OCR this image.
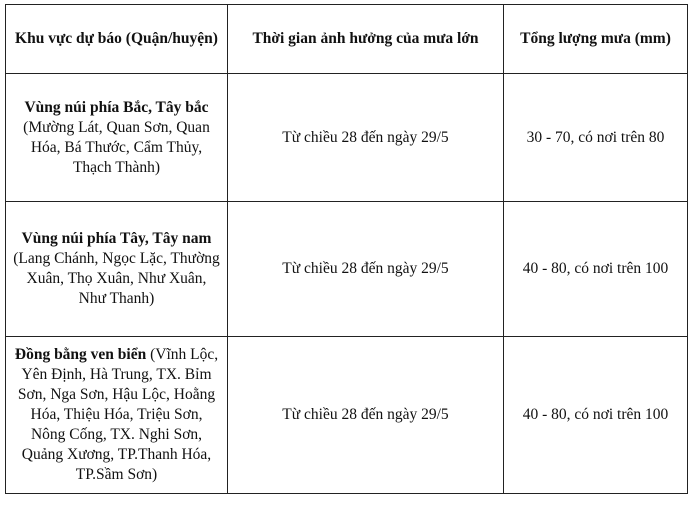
Khu vực dự báo (Quận/huyện)	Thời gian ảnh hưởng của mưa lớn	Tổng lượng mưa (mm)
Vùng núi phía Bắc, Tây bắc (Mường Lát, Quan Sơn, Quan Hóa, Bá Thước, Cẩm Thủy, Thạch Thành)	Từ chiều 28 đến ngày 29/5	30 - 70, có nơi trên 80
Vùng núi phía Tây, Tây nam (Lang Chánh, Ngọc Lặc, Thường Xuân, Thọ Xuân, Như Xuân, Như Thanh)	Từ chiều 28 đến ngày 29/5	40 - 80, có nơi trên 100
Đồng bằng ven biển (Vĩnh Lộc, Yên Định, Hà Trung, TX. Bỉm Sơn, Nga Sơn, Hậu Lộc, Hoằng Hóa, Thiệu Hóa, Triệu Sơn, Nông Cống, TX. Nghi Sơn, Quảng Xương, TP.Thanh Hóa, TP.Sầm Sơn)	Từ chiều 28 đến ngày 29/5	40 - 80, có nơi trên 100
